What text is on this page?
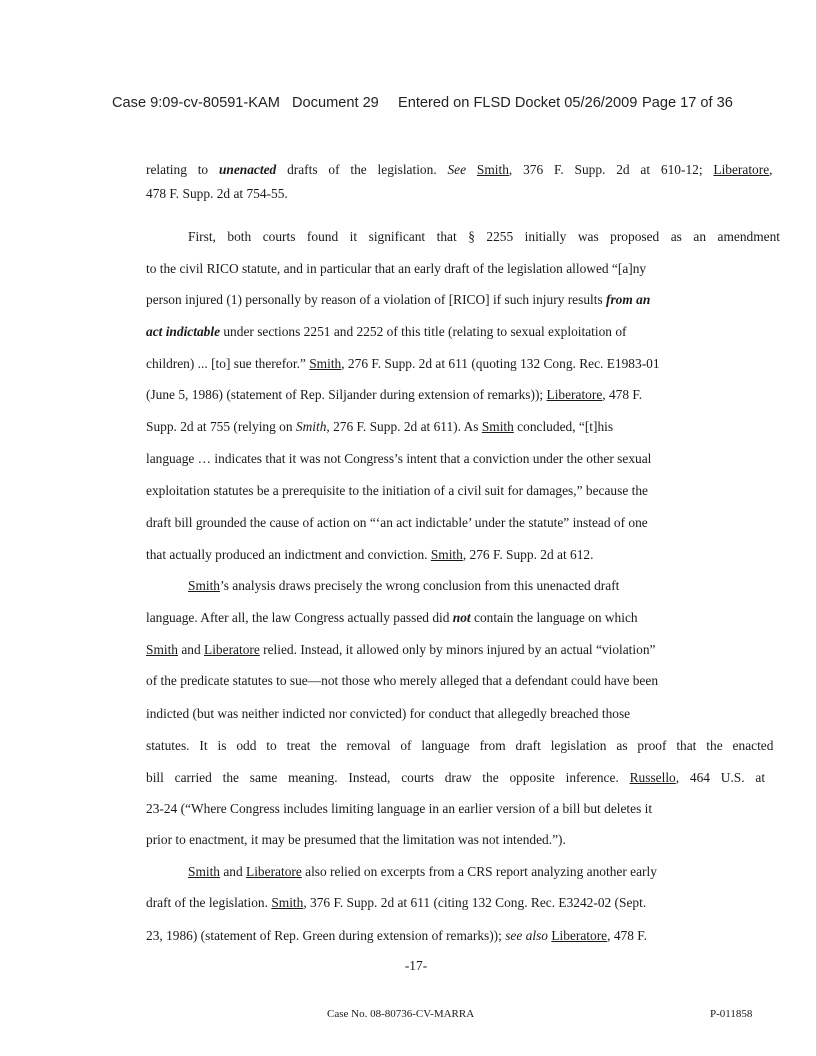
Case 9:09-cv-80591-KAM Document 29 Entered on FLSD Docket 05/26/2009 Page 17 of 36
relating to unenacted drafts of the legislation. See Smith, 376 F. Supp. 2d at 610-12; Liberatore,
478 F. Supp. 2d at 754-55.
First, both courts found it significant that § 2255 initially was proposed as an amendment
to the civil RICO statute, and in particular that an early draft of the legislation allowed “[a]ny
person injured (1) personally by reason of a violation of [RICO] if such injury results from an
act indictable under sections 2251 and 2252 of this title (relating to sexual exploitation of
children) ... [to] sue therefor.” Smith, 276 F. Supp. 2d at 611 (quoting 132 Cong. Rec. E1983-01
(June 5, 1986) (statement of Rep. Siljander during extension of remarks)); Liberatore, 478 F.
Supp. 2d at 755 (relying on Smith, 276 F. Supp. 2d at 611). As Smith concluded, “[t]his
language … indicates that it was not Congress’s intent that a conviction under the other sexual
exploitation statutes be a prerequisite to the initiation of a civil suit for damages,” because the
draft bill grounded the cause of action on “‘an act indictable’ under the statute” instead of one
that actually produced an indictment and conviction. Smith, 276 F. Supp. 2d at 612.
Smith’s analysis draws precisely the wrong conclusion from this unenacted draft
language. After all, the law Congress actually passed did not contain the language on which
Smith and Liberatore relied. Instead, it allowed only by minors injured by an actual “violation”
of the predicate statutes to sue—not those who merely alleged that a defendant could have been
indicted (but was neither indicted nor convicted) for conduct that allegedly breached those
statutes. It is odd to treat the removal of language from draft legislation as proof that the enacted
bill carried the same meaning. Instead, courts draw the opposite inference. Russello, 464 U.S. at
23-24 (“Where Congress includes limiting language in an earlier version of a bill but deletes it
prior to enactment, it may be presumed that the limitation was not intended.”).
Smith and Liberatore also relied on excerpts from a CRS report analyzing another early
draft of the legislation. Smith, 376 F. Supp. 2d at 611 (citing 132 Cong. Rec. E3242-02 (Sept.
23, 1986) (statement of Rep. Green during extension of remarks)); see also Liberatore, 478 F.
-17-
Case No. 08-80736-CV-MARRA	P-011858
